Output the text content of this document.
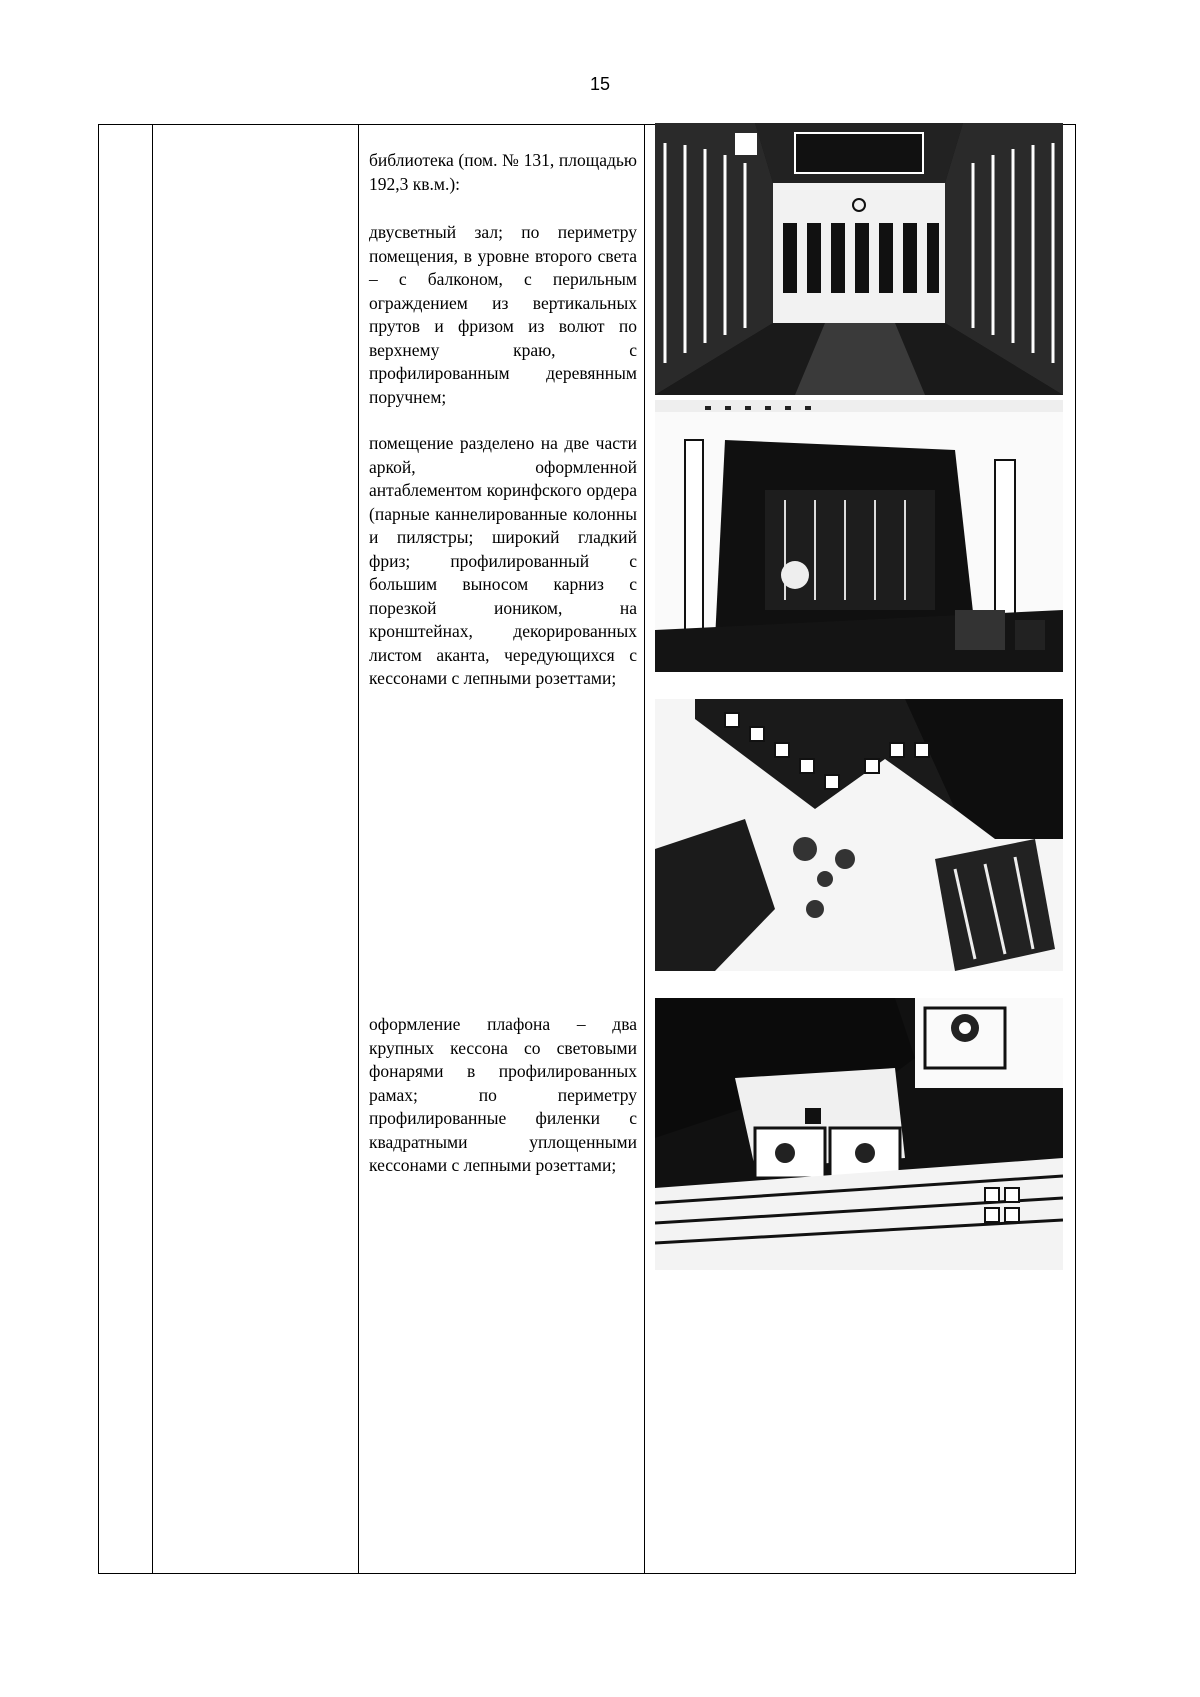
15

библиотека (пом. № 131, площадью 192,3 кв.м.):
двусветный зал; по периметру помещения, в уровне второго света – с балконом, с перильным ограждением из вертикальных прутов и фризом из волют по верхнему краю, с профилированным деревянным поручнем;
помещение разделено на две части аркой, оформленной антаблементом коринфского ордера (парные каннелированные колонны и пилястры; широкий гладкий фриз; профилированный с большим выносом карниз с порезкой иоником, на кронштейнах, декорированных листом аканта, чередующихся с кессонами с лепными розеттами;
оформление плафона – два крупных кессона со световыми фонарями в профилированных рамах; по периметру профилированные филенки с квадратными уплощенными кессонами с лепными розеттами;
